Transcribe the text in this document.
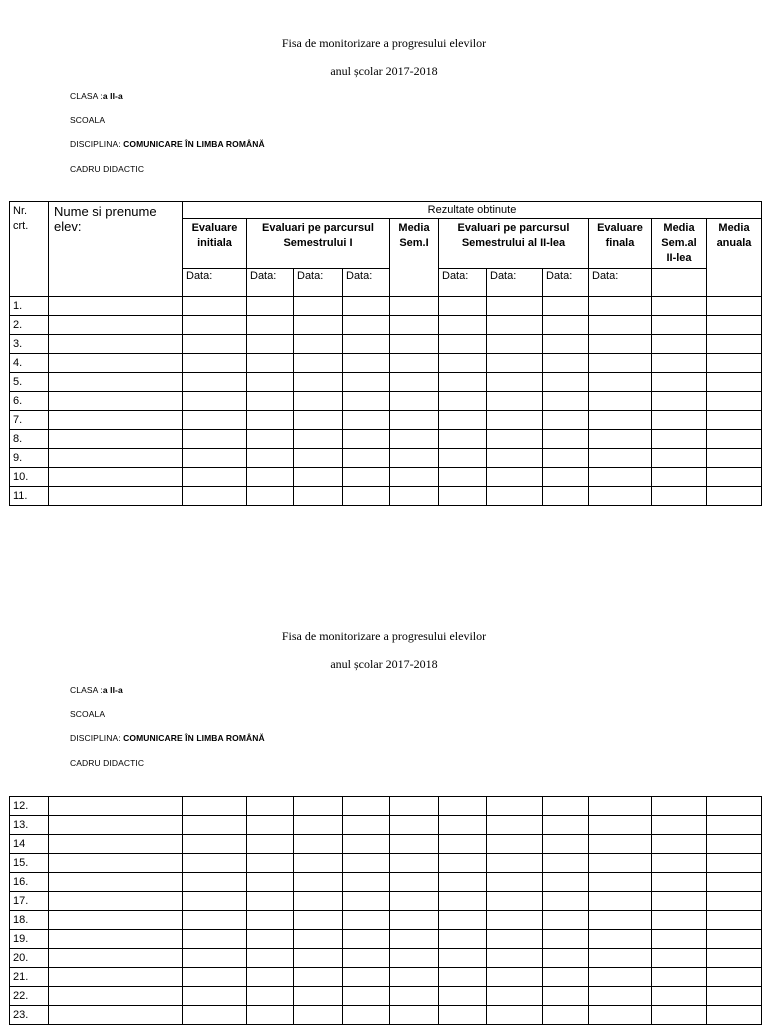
Fisa de monitorizare a progresului elevilor
anul școlar 2017-2018
CLASA :a II-a
SCOALA
DISCIPLINA: COMUNICARE ÎN LIMBA ROMÂNĂ
CADRU DIDACTIC
Nr. crt.	Nume si prenume elev:	Rezultate obtinute										
		Evaluare initiala	Evaluari pe parcursul Semestrului I			Media Sem.I	Evaluari pe parcursul Semestrului al II-lea			Evaluare finala	Media Sem.al II-lea	Media anuala
		Data:	Data:	Data:	Data:		Data:	Data:	Data:	Data:		
1.												
2.												
3.												
4.												
5.												
6.												
7.												
8.												
9.												
10.												
11.												
Fisa de monitorizare a progresului elevilor
anul școlar 2017-2018
CLASA :a II-a
SCOALA
DISCIPLINA: COMUNICARE ÎN LIMBA ROMÂNĂ
CADRU DIDACTIC
12.												
13.												
14												
15.												
16.												
17.												
18.												
19.												
20.												
21.												
22.												
23.												
